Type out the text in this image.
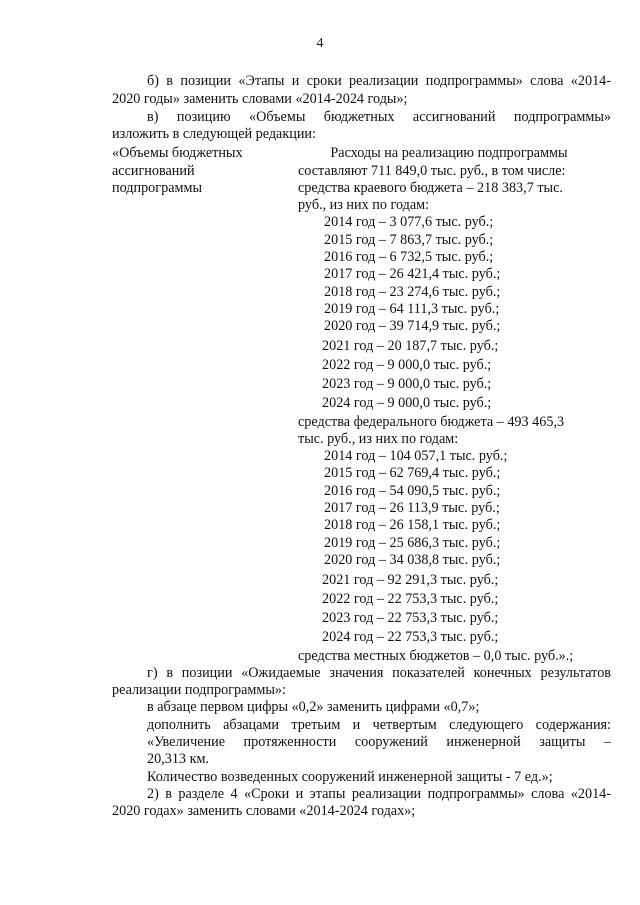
4
б) в позиции «Этапы и сроки реализации подпрограммы» слова «2014-
2020 годы» заменить словами «2014-2024 годы»;
в) позицию «Объемы бюджетных ассигнований подпрограммы»
изложить в следующей редакции:
«Объемы бюджетных
ассигнований
подпрограммы
Расходы на реализацию подпрограммы
составляют 711 849,0 тыс. руб., в том числе:
средства краевого бюджета – 218 383,7 тыс.
руб., из них по годам:
2014 год – 3 077,6 тыс. руб.;
2015 год – 7 863,7 тыс. руб.;
2016 год – 6 732,5 тыс. руб.;
2017 год – 26 421,4 тыс. руб.;
2018 год – 23 274,6 тыс. руб.;
2019 год – 64 111,3 тыс. руб.;
2020 год – 39 714,9 тыс. руб.;
2021 год – 20 187,7 тыс. руб.;
2022 год – 9 000,0 тыс. руб.;
2023 год – 9 000,0 тыс. руб.;
2024 год – 9 000,0 тыс. руб.;
средства федерального бюджета – 493 465,3
тыс. руб., из них по годам:
2014 год – 104 057,1 тыс. руб.;
2015 год – 62 769,4 тыс. руб.;
2016 год – 54 090,5 тыс. руб.;
2017 год – 26 113,9 тыс. руб.;
2018 год – 26 158,1 тыс. руб.;
2019 год – 25 686,3 тыс. руб.;
2020 год – 34 038,8 тыс. руб.;
2021 год – 92 291,3 тыс. руб.;
2022 год – 22 753,3 тыс. руб.;
2023 год – 22 753,3 тыс. руб.;
2024 год – 22 753,3 тыс. руб.;
средства местных бюджетов – 0,0 тыс. руб.».;
г) в позиции «Ожидаемые значения показателей конечных результатов
реализации подпрограммы»:
в абзаце первом цифры «0,2» заменить цифрами «0,7»;
дополнить абзацами третьим и четвертым следующего содержания:
«Увеличение протяженности сооружений инженерной защиты –
20,313 км.
Количество возведенных сооружений инженерной защиты - 7 ед.»;
2) в разделе 4 «Сроки и этапы реализации подпрограммы» слова «2014-
2020 годах» заменить словами «2014-2024 годах»;
